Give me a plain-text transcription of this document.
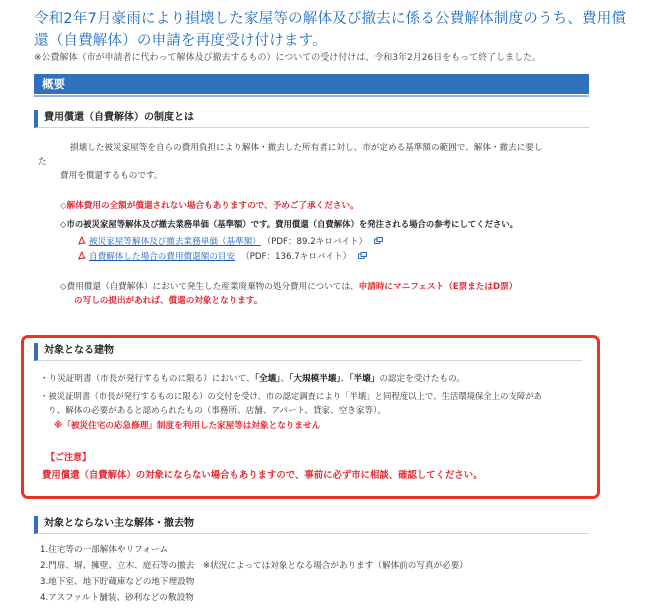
令和2年7月豪雨により損壊した家屋等の解体及び撤去に係る公費解体制度のうち、費用償
還（自費解体）の申請を再度受け付けます。
※公費解体（市が申請者に代わって解体及び撤去するもの）についての受け付けは、令和3年2月26日をもって終了しました。
概要
費用償還（自費解体）の制度とは
損壊した被災家屋等を自らの費用負担により解体・撤去した所有者に対し、市が定める基準額の範囲で、解体・撤去に要し
た
費用を償還するものです。
◇解体費用の全額が償還されない場合もありますので、予めご了承ください。
◇市の被災家屋等解体及び撤去業務単価（基準額）です。費用償還（自費解体）を発注される場合の参考にしてください。
被災家屋等解体及び撤去業務単価（基準額） （PDF：89.2キロバイト）
自費解体した場合の費用償還額の目安 （PDF：136.7キロバイト）
◇費用償還（自費解体）において発生した産業廃棄物の処分費用については、申請時にマニフェスト（E票またはD票）
の写しの提出があれば、償還の対象となります。
対象となる建物
・り災証明書（市長が発行するものに限る）において、「全壊」、「大規模半壊」、「半壊」の認定を受けたもの。
・被災証明書（市長が発行するものに限る）の交付を受け、市の認定調査により「半壊」と同程度以上で、生活環境保全上の支障があ
り、解体の必要があると認められたもの（事務所、店舗、アパート、貸家、空き家等）。
※「被災住宅の応急修理」制度を利用した家屋等は対象となりません
【ご注意】
費用償還（自費解体）の対象にならない場合もありますので、事前に必ず市に相談、確認してください。
対象とならない主な解体・撤去物
1.住宅等の一部解体やリフォーム
2.門扉、塀、擁壁、立木、庭石等の撤去　※状況によっては対象となる場合があります（解体前の写真が必要）
3.地下室、地下貯蔵庫などの地下埋設物
4.アスファルト舗装、砂利などの敷設物
